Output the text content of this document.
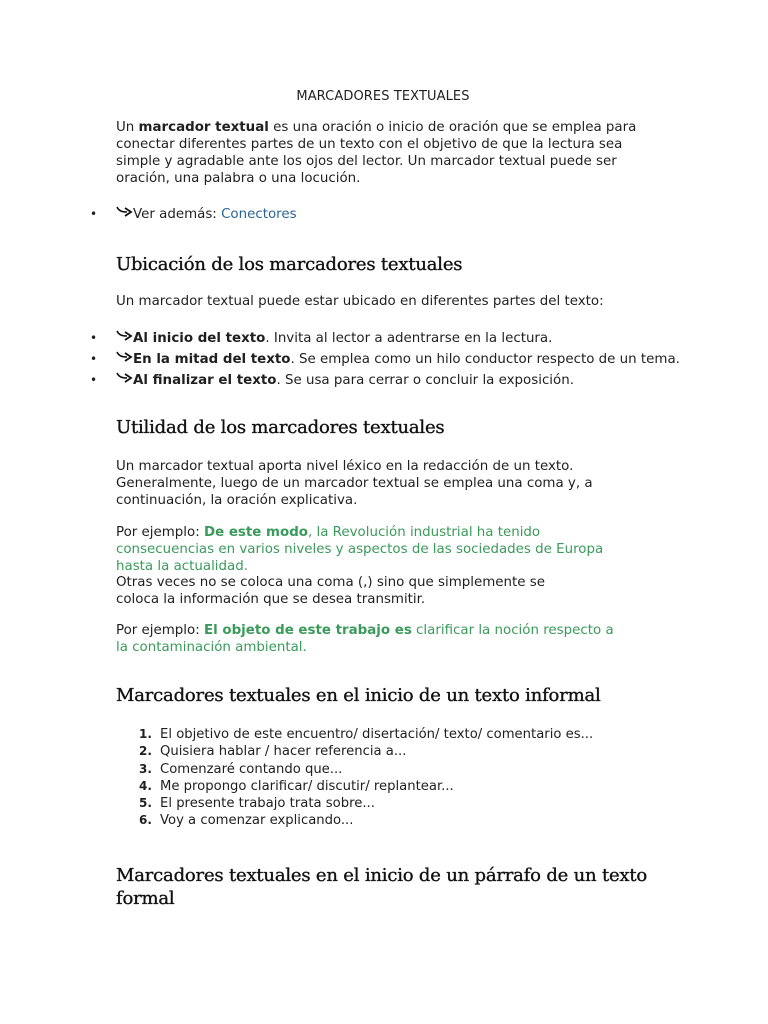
MARCADORES TEXTUALES

Un marcador textual es una oración o inicio de oración que se emplea para conectar diferentes partes de un texto con el objetivo de que la lectura sea simple y agradable ante los ojos del lector. Un marcador textual puede ser oración, una palabra o una locución.

•	Ver además: Conectores
Ubicación de los marcadores textuales

Un marcador textual puede estar ubicado en diferentes partes del texto:

•	Al inicio del texto. Invita al lector a adentrarse en la lectura.
•	En la mitad del texto. Se emplea como un hilo conductor respecto de un tema.
•	Al finalizar el texto. Se usa para cerrar o concluir la exposición.
Utilidad de los marcadores textuales

Un marcador textual aporta nivel léxico en la redacción de un texto. Generalmente, luego de un marcador textual se emplea una coma y, a continuación, la oración explicativa.

Por ejemplo: De este modo, la Revolución industrial ha tenido consecuencias en varios niveles y aspectos de las sociedades de Europa hasta la actualidad.

Otras veces no se coloca una coma (,) sino que simplemente se coloca la información que se desea transmitir.

Por ejemplo: El objeto de este trabajo es clarificar la noción respecto a la contaminación ambiental.

Marcadores textuales en el inicio de un texto informal
1. El objetivo de este encuentro/ disertación/ texto/ comentario es...
2. Quisiera hablar / hacer referencia a...
3. Comenzaré contando que...
4. Me propongo clarificar/ discutir/ replantear...
5. El presente trabajo trata sobre...
6. Voy a comenzar explicando...
Marcadores textuales en el inicio de un párrafo de un texto formal
